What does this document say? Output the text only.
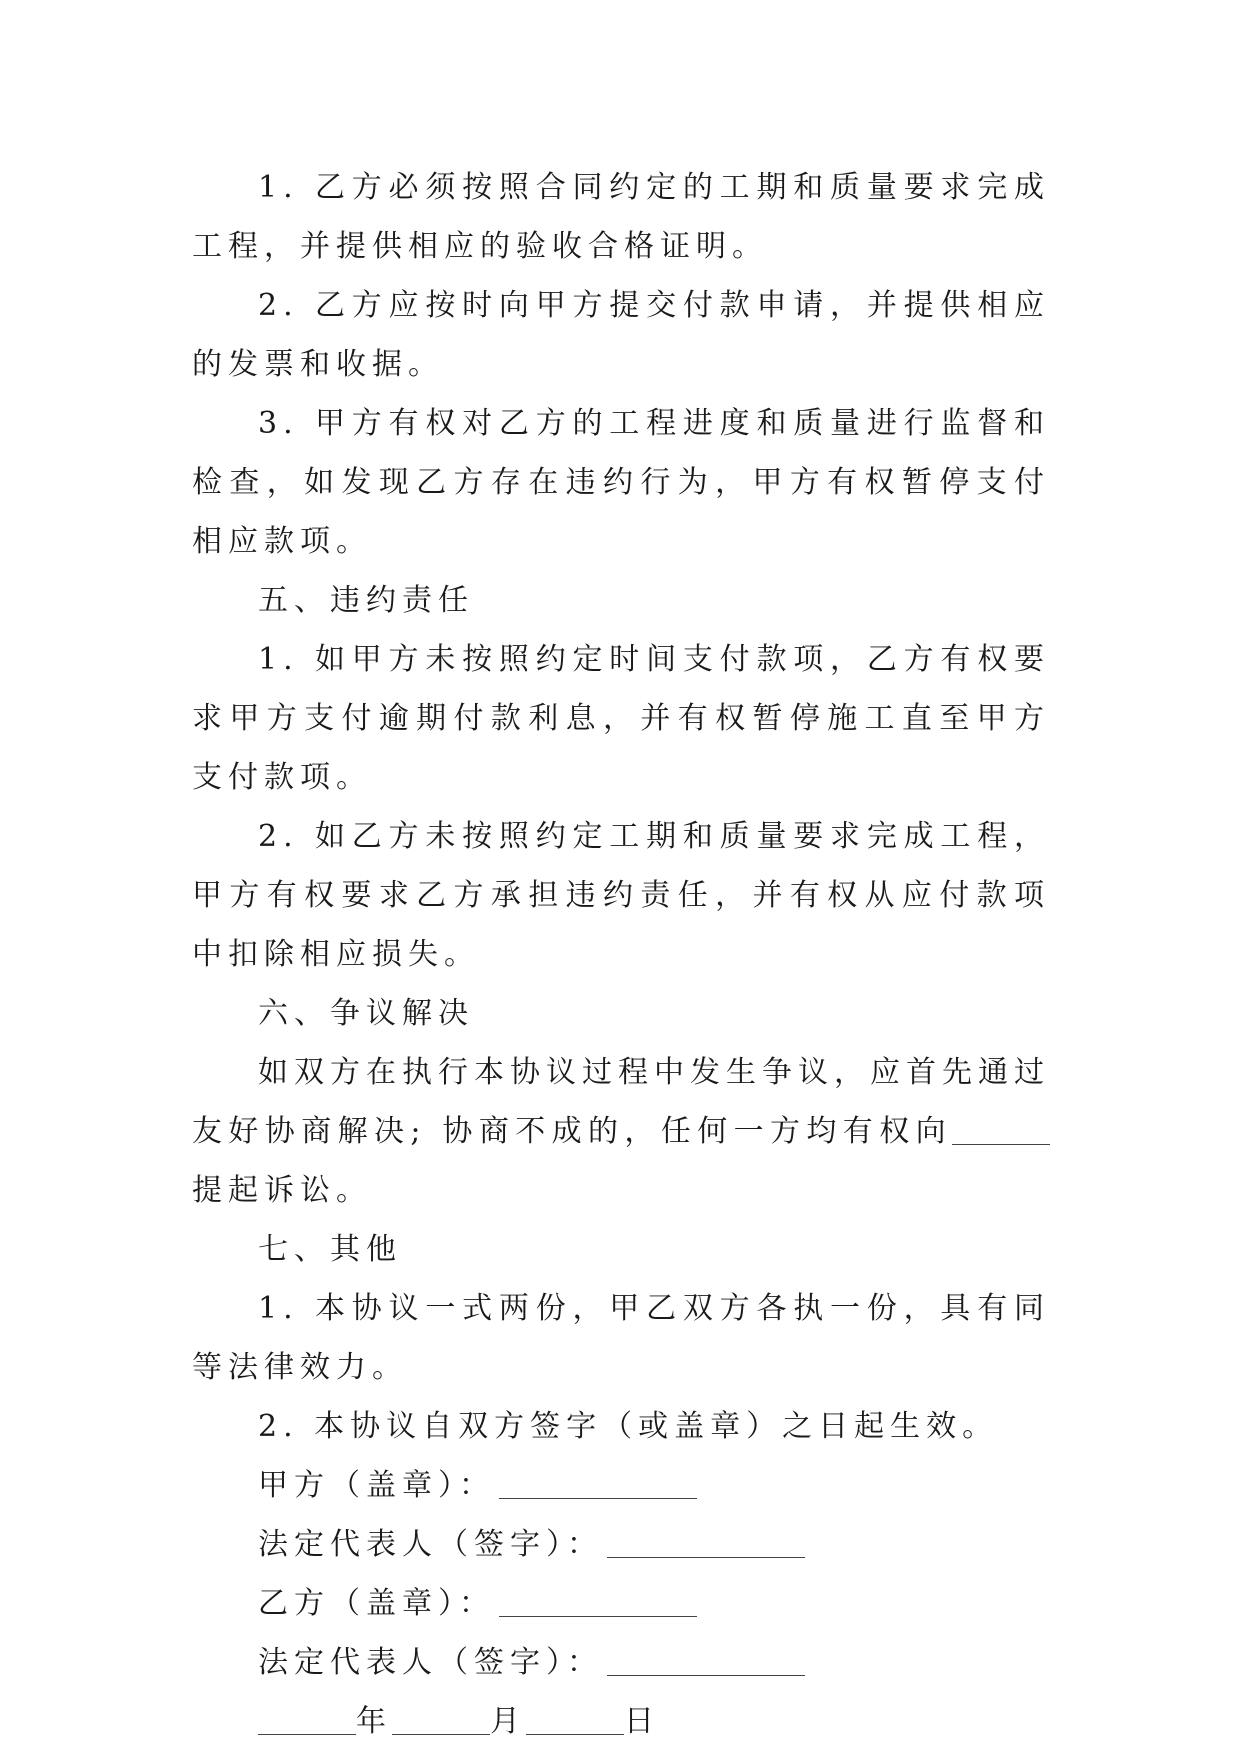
1. 乙方必须按照合同约定的工期和质量要求完成工程，并提供相应的验收合格证明。

2. 乙方应按时向甲方提交付款申请，并提供相应的发票和收据。

3. 甲方有权对乙方的工程进度和质量进行监督和检查，如发现乙方存在违约行为，甲方有权暂停支付相应款项。

五、违约责任

1. 如甲方未按照约定时间支付款项，乙方有权要求甲方支付逾期付款利息，并有权暂停施工直至甲方支付款项。

2. 如乙方未按照约定工期和质量要求完成工程，甲方有权要求乙方承担违约责任，并有权从应付款项中扣除相应损失。

六、争议解决

如双方在执行本协议过程中发生争议，应首先通过友好协商解决; 协商不成的，任何一方均有权向提起诉讼。

七、其他

1. 本协议一式两份，甲乙双方各执一份，具有同等法律效力。

2. 本协议自双方签字（或盖章）之日起生效。

甲方（盖章）：

法定代表人（签字）：

乙方（盖章）：

法定代表人（签字）：

年	月	日
